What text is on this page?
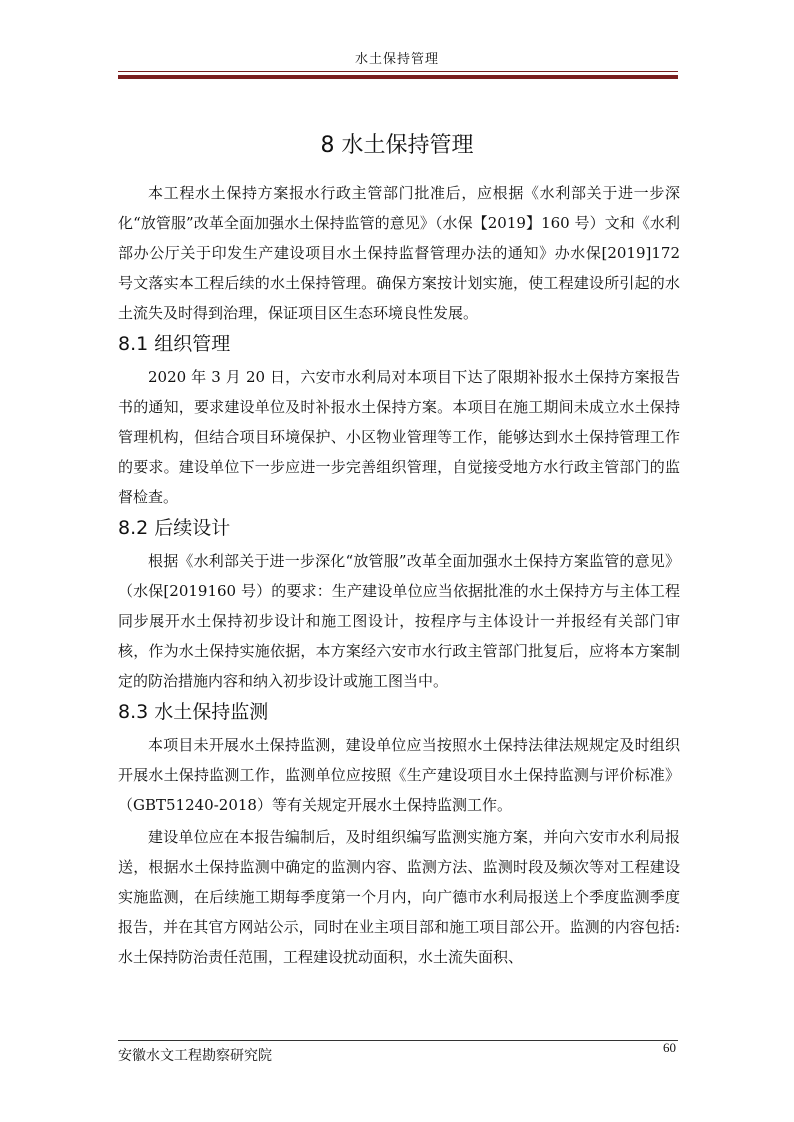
水土保持管理
8 水土保持管理

本工程水土保持方案报水行政主管部门批准后，应根据《水利部关于进一步深化“放管服”改革全面加强水土保持监管的意见》（水保【2019】160 号）文和《水利部办公厅关于印发生产建设项目水土保持监督管理办法的通知》办水保[2019]172 号文落实本工程后续的水土保持管理。确保方案按计划实施，使工程建设所引起的水土流失及时得到治理，保证项目区生态环境良性发展。

8.1 组织管理

2020 年 3 月 20 日，六安市水利局对本项目下达了限期补报水土保持方案报告书的通知，要求建设单位及时补报水土保持方案。本项目在施工期间未成立水土保持管理机构，但结合项目环境保护、小区物业管理等工作，能够达到水土保持管理工作的要求。建设单位下一步应进一步完善组织管理，自觉接受地方水行政主管部门的监督检查。

8.2 后续设计

根据《水利部关于进一步深化“放管服”改革全面加强水土保持方案监管的意见》（水保[2019160 号）的要求：生产建设单位应当依据批准的水土保持方与主体工程同步展开水土保持初步设计和施工图设计，按程序与主体设计一并报经有关部门审核，作为水土保持实施依据，本方案经六安市水行政主管部门批复后，应将本方案制定的防治措施内容和纳入初步设计或施工图当中。

8.3 水土保持监测

本项目未开展水土保持监测，建设单位应当按照水土保持法律法规规定及时组织开展水土保持监测工作，监测单位应按照《生产建设项目水土保持监测与评价标准》（GBT51240-2018）等有关规定开展水土保持监测工作。

建设单位应在本报告编制后，及时组织编写监测实施方案，并向六安市水利局报送，根据水土保持监测中确定的监测内容、监测方法、监测时段及频次等对工程建设实施监测，在后续施工期每季度第一个月内，向广德市水利局报送上个季度监测季度报告，并在其官方网站公示，同时在业主项目部和施工项目部公开。监测的内容包括:水土保持防治责任范围，工程建设扰动面积，水土流失面积、

安徽水文工程勘察研究院
60
